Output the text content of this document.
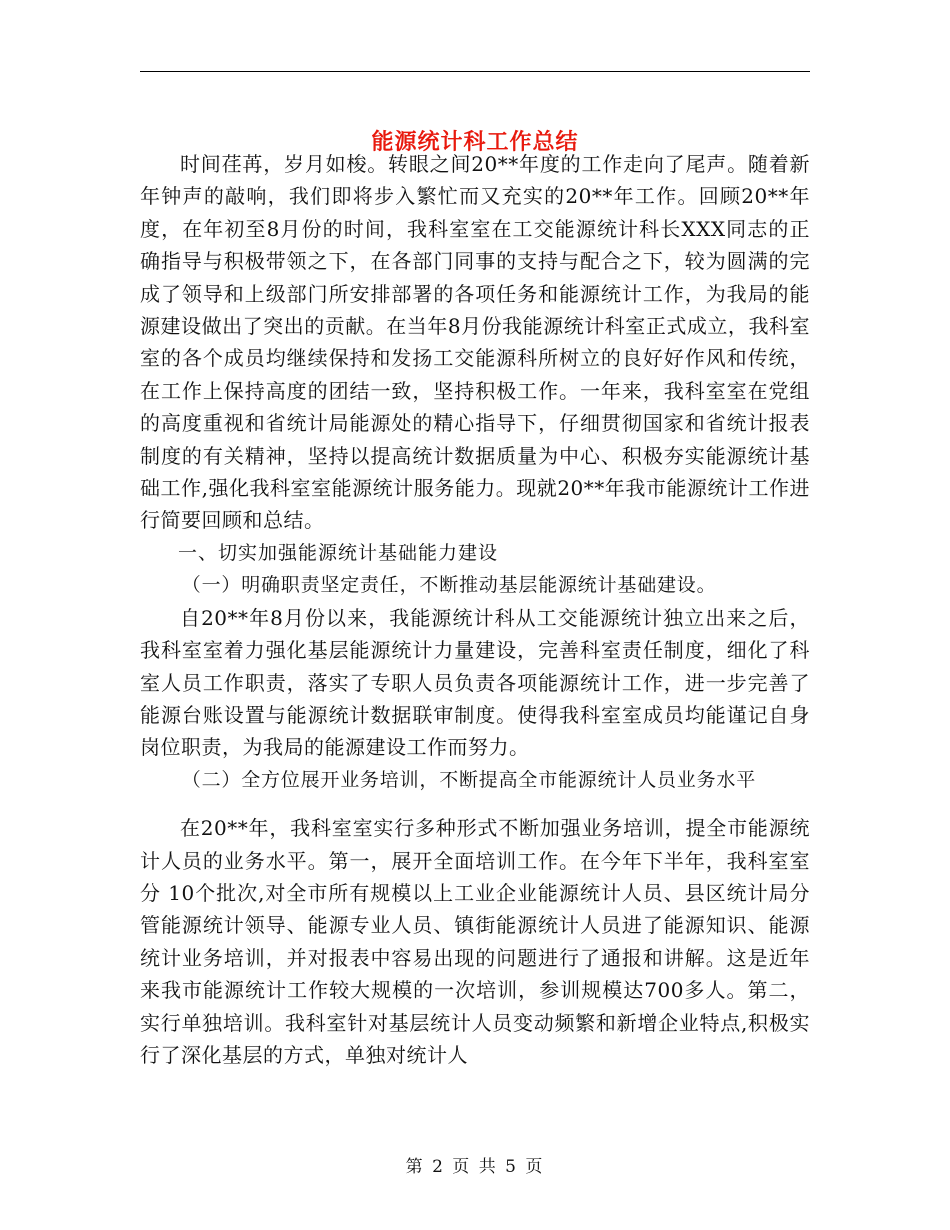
能源统计科工作总结

时间荏苒，岁月如梭。转眼之间20**年度的工作走向了尾声。随着新年钟声的敲响，我们即将步入繁忙而又充实的20**年工作。回顾20**年度，在年初至8月份的时间，我科室室在工交能源统计科长XXX同志的正确指导与积极带领之下，在各部门同事的支持与配合之下，较为圆满的完成了领导和上级部门所安排部署的各项任务和能源统计工作，为我局的能源建设做出了突出的贡献。在当年8月份我能源统计科室正式成立，我科室室的各个成员均继续保持和发扬工交能源科所树立的良好好作风和传统，在工作上保持高度的团结一致，坚持积极工作。一年来，我科室室在党组的高度重视和省统计局能源处的精心指导下，仔细贯彻国家和省统计报表制度的有关精神，坚持以提高统计数据质量为中心、积极夯实能源统计基础工作,强化我科室室能源统计服务能力。现就20**年我市能源统计工作进行简要回顾和总结。

一、切实加强能源统计基础能力建设

（一）明确职责坚定责任，不断推动基层能源统计基础建设。

自20**年8月份以来，我能源统计科从工交能源统计独立出来之后，我科室室着力强化基层能源统计力量建设，完善科室责任制度，细化了科室人员工作职责，落实了专职人员负责各项能源统计工作，进一步完善了能源台账设置与能源统计数据联审制度。使得我科室室成员均能谨记自身岗位职责，为我局的能源建设工作而努力。

（二）全方位展开业务培训，不断提高全市能源统计人员业务水平

在20**年，我科室室实行多种形式不断加强业务培训，提全市能源统计人员的业务水平。第一，展开全面培训工作。在今年下半年，我科室室分 10个批次,对全市所有规模以上工业企业能源统计人员、县区统计局分管能源统计领导、能源专业人员、镇街能源统计人员进了能源知识、能源统计业务培训，并对报表中容易出现的问题进行了通报和讲解。这是近年来我市能源统计工作较大规模的一次培训，参训规模达700多人。第二，实行单独培训。我科室针对基层统计人员变动频繁和新增企业特点,积极实行了深化基层的方式，单独对统计人

第 2 页 共 5 页
